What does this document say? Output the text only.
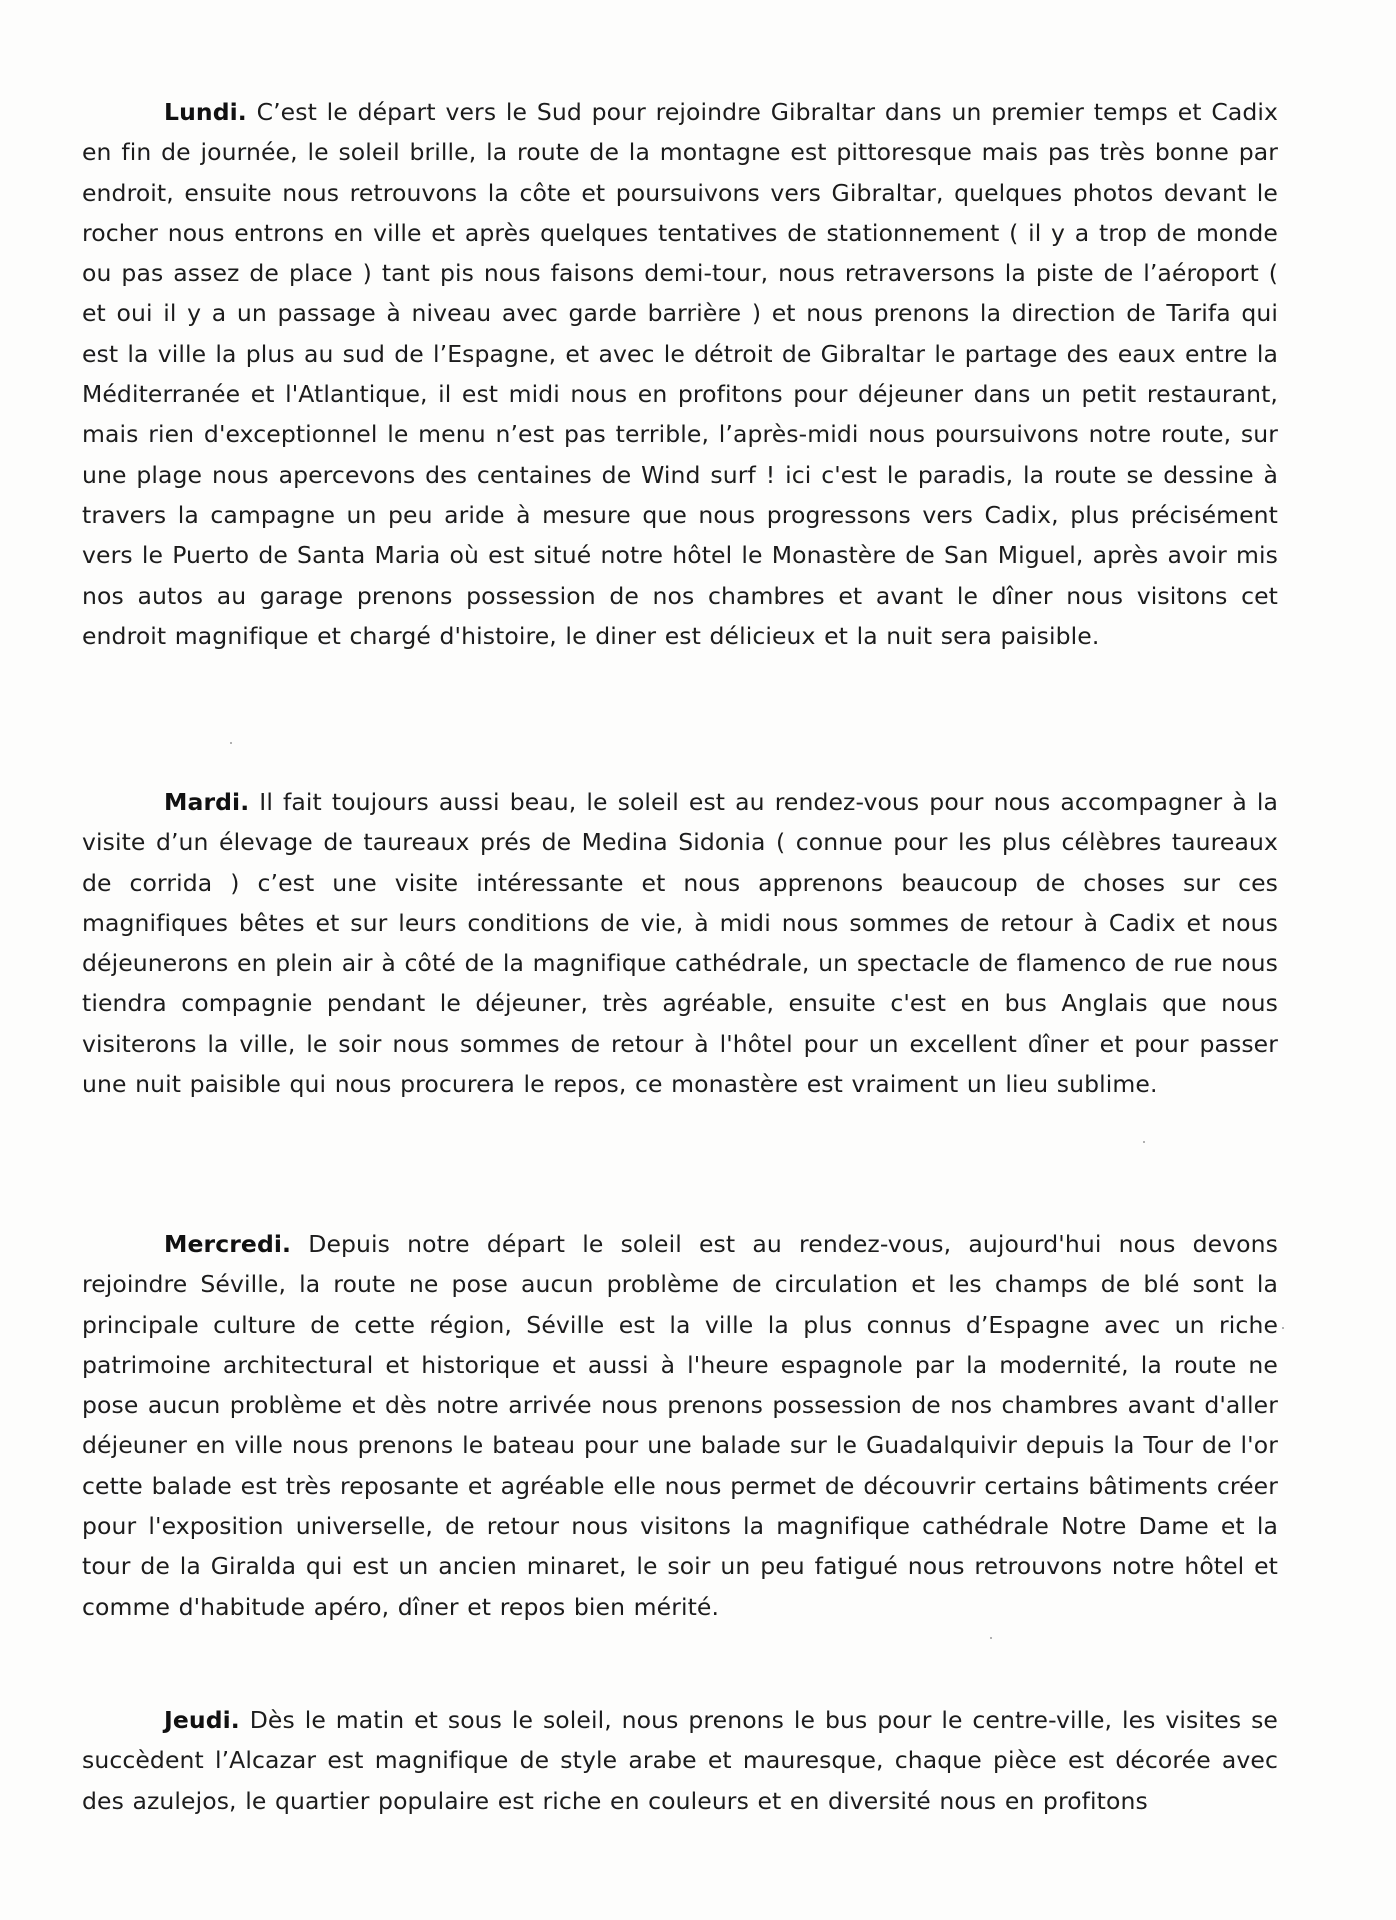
Lundi. C’est le départ vers le Sud pour rejoindre Gibraltar dans un premier temps et Cadix en fin de journée, le soleil brille, la route de la montagne est pittoresque mais pas très bonne par endroit, ensuite nous retrouvons la côte et poursuivons vers Gibraltar, quelques photos devant le rocher nous entrons en ville et après quelques tentatives de stationnement ( il y a trop de monde ou pas assez de place ) tant pis nous faisons demi-tour, nous retraversons la piste de l’aéroport ( et oui il y a un passage à niveau avec garde barrière ) et nous prenons la direction de Tarifa qui est la ville la plus au sud de l’Espagne, et avec le détroit de Gibraltar le partage des eaux entre la Méditerranée et l'Atlantique, il est midi nous en profitons pour déjeuner dans un petit restaurant, mais rien d'exceptionnel le menu n’est pas terrible, l’après-midi nous poursuivons notre route, sur une plage nous apercevons des centaines de Wind surf ! ici c'est le paradis, la route se dessine à travers la campagne un peu aride à mesure que nous progressons vers Cadix, plus précisément vers le Puerto de Santa Maria où est situé notre hôtel le Monastère de San Miguel, après avoir mis nos autos au garage prenons possession de nos chambres et avant le dîner nous visitons cet endroit magnifique et chargé d'histoire, le diner est délicieux et la nuit sera paisible.

Mardi. Il fait toujours aussi beau, le soleil est au rendez-vous pour nous accompagner à la visite d’un élevage de taureaux prés de Medina Sidonia ( connue pour les plus célèbres taureaux de corrida ) c’est une visite intéressante et nous apprenons beaucoup de choses sur ces magnifiques bêtes et sur leurs conditions de vie, à midi nous sommes de retour à Cadix et nous déjeunerons en plein air à côté de la magnifique cathédrale, un spectacle de flamenco de rue nous tiendra compagnie pendant le déjeuner, très agréable, ensuite c'est en bus Anglais que nous visiterons la ville, le soir nous sommes de retour à l'hôtel pour un excellent dîner et pour passer une nuit paisible qui nous procurera le repos, ce monastère est vraiment un lieu sublime.

Mercredi. Depuis notre départ le soleil est au rendez-vous, aujourd'hui nous devons rejoindre Séville, la route ne pose aucun problème de circulation et les champs de blé sont la principale culture de cette région, Séville est la ville la plus connus d’Espagne avec un riche patrimoine architectural et historique et aussi à l'heure espagnole par la modernité, la route ne pose aucun problème et dès notre arrivée nous prenons possession de nos chambres avant d'aller déjeuner en ville nous prenons le bateau pour une balade sur le Guadalquivir depuis la Tour de l'or cette balade est très reposante et agréable elle nous permet de découvrir certains bâtiments créer pour l'exposition universelle, de retour nous visitons la magnifique cathédrale Notre Dame et la tour de la Giralda qui est un ancien minaret, le soir un peu fatigué nous retrouvons notre hôtel et comme d'habitude apéro, dîner et repos bien mérité.

Jeudi. Dès le matin et sous le soleil, nous prenons le bus pour le centre-ville, les visites se succèdent l’Alcazar est magnifique de style arabe et mauresque, chaque pièce est décorée avec des azulejos, le quartier populaire est riche en couleurs et en diversité nous en profitons
